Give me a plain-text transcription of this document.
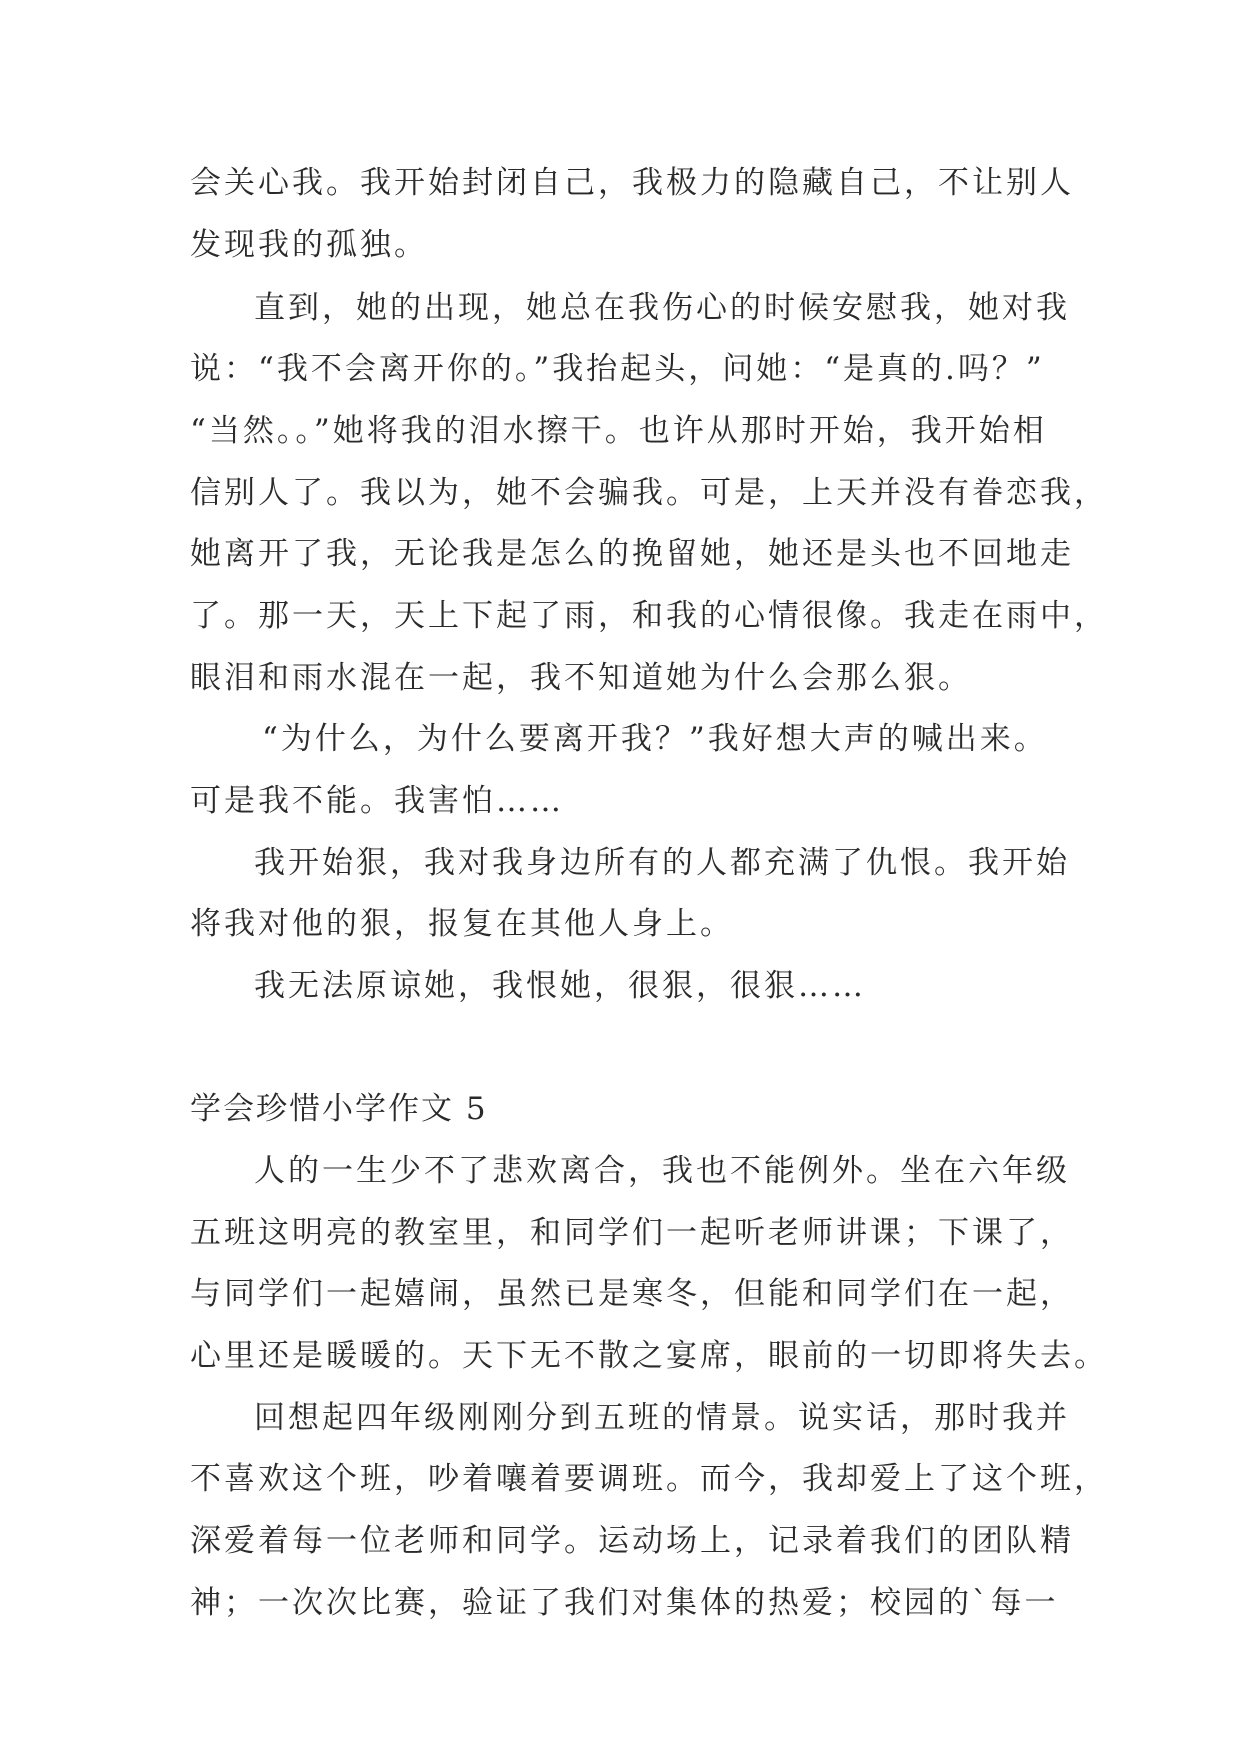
会关心我。我开始封闭自己，我极力的隐藏自己，不让别人
发现我的孤独。
直到，她的出现，她总在我伤心的时候安慰我，她对我
说：“我不会离开你的。”我抬起头，问她：“是真的.吗？”
“当然。。”她将我的泪水擦干。也许从那时开始，我开始相
信别人了。我以为，她不会骗我。可是，上天并没有眷恋我，
她离开了我，无论我是怎么的挽留她，她还是头也不回地走
了。那一天，天上下起了雨，和我的心情很像。我走在雨中，
眼泪和雨水混在一起，我不知道她为什么会那么狠。
“为什么，为什么要离开我？”我好想大声的喊出来。
可是我不能。我害怕……
我开始狠，我对我身边所有的人都充满了仇恨。我开始
将我对他的狠，报复在其他人身上。
我无法原谅她，我恨她，很狠，很狠……
学会珍惜小学作文 5
人的一生少不了悲欢离合，我也不能例外。坐在六年级
五班这明亮的教室里，和同学们一起听老师讲课；下课了，
与同学们一起嬉闹，虽然已是寒冬，但能和同学们在一起，
心里还是暖暖的。天下无不散之宴席，眼前的一切即将失去。
回想起四年级刚刚分到五班的情景。说实话，那时我并
不喜欢这个班，吵着嚷着要调班。而今，我却爱上了这个班，
深爱着每一位老师和同学。运动场上，记录着我们的团队精
神；一次次比赛，验证了我们对集体的热爱；校园的`每一
